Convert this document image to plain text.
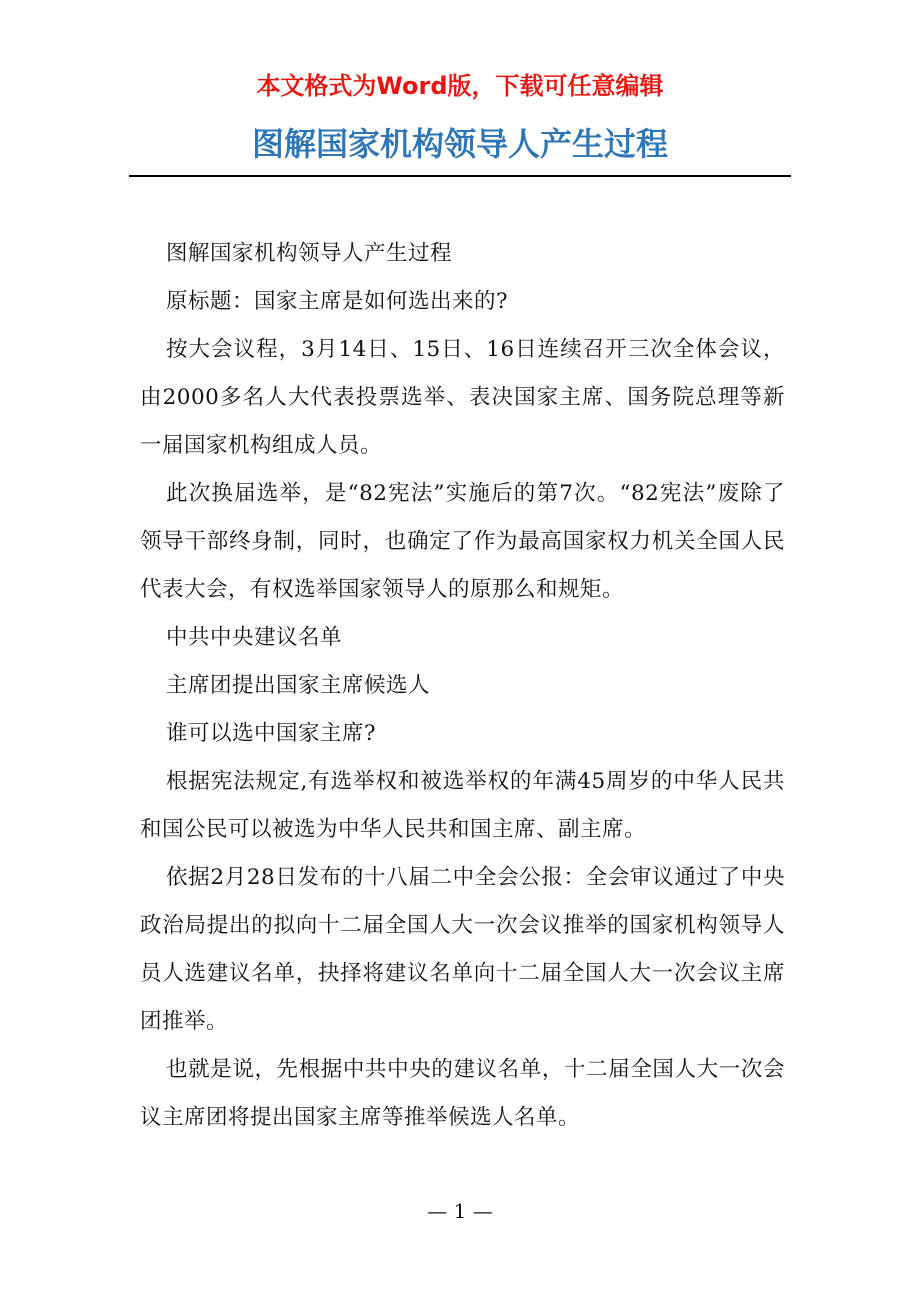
本文格式为Word版，下载可任意编辑
图解国家机构领导人产生过程

图解国家机构领导人产生过程

原标题：国家主席是如何选出来的?

按大会议程，3月14日、15日、16日连续召开三次全体会议，由2000多名人大代表投票选举、表决国家主席、国务院总理等新一届国家机构组成人员。

此次换届选举，是“82宪法”实施后的第7次。“82宪法”废除了领导干部终身制，同时，也确定了作为最高国家权力机关全国人民代表大会，有权选举国家领导人的原那么和规矩。

中共中央建议名单

主席团提出国家主席候选人

谁可以选中国家主席?

根据宪法规定,有选举权和被选举权的年满45周岁的中华人民共和国公民可以被选为中华人民共和国主席、副主席。

依据2月28日发布的十八届二中全会公报：全会审议通过了中央政治局提出的拟向十二届全国人大一次会议推举的国家机构领导人员人选建议名单，抉择将建议名单向十二届全国人大一次会议主席团推举。

也就是说，先根据中共中央的建议名单，十二届全国人大一次会议主席团将提出国家主席等推举候选人名单。

— 1 —
